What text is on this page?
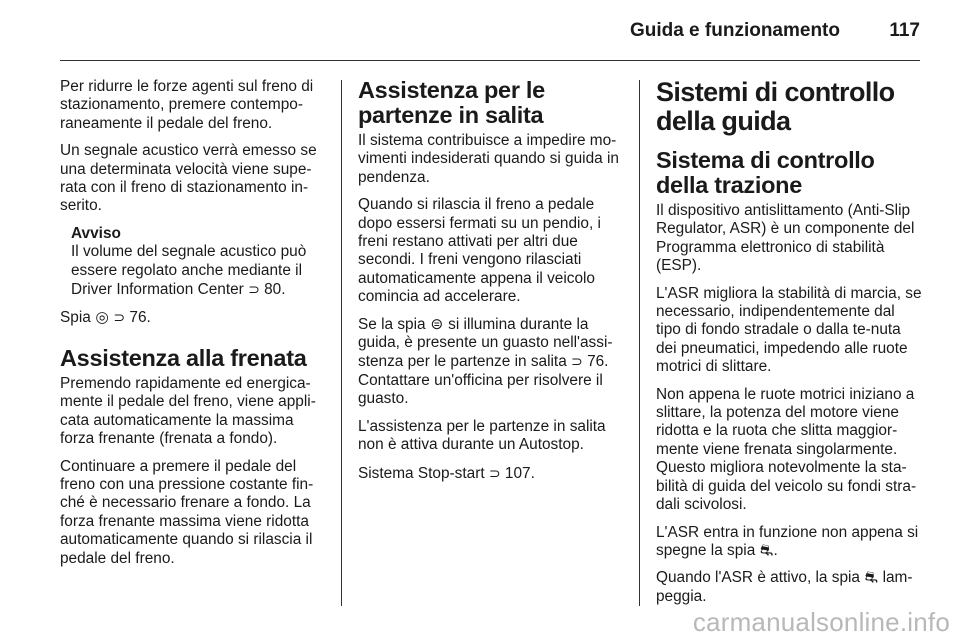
Guida e funzionamento	117

Per ridurre le forze agenti sul freno di stazionamento, premere contempo-raneamente il pedale del freno.

Un segnale acustico verrà emesso se una determinata velocità viene supe-rata con il freno di stazionamento in-serito.

Avviso
Il volume del segnale acustico può essere regolato anche mediante il Driver Information Center ⊃ 80.

Spia ◎ ⊃ 76.

Assistenza alla frenata

Premendo rapidamente ed energica-mente il pedale del freno, viene appli-cata automaticamente la massima forza frenante (frenata a fondo).

Continuare a premere il pedale del freno con una pressione costante fin-ché è necessario frenare a fondo. La forza frenante massima viene ridotta automaticamente quando si rilascia il pedale del freno.

Assistenza per le partenze in salita

Il sistema contribuisce a impedire mo-vimenti indesiderati quando si guida in pendenza.

Quando si rilascia il freno a pedale dopo essersi fermati su un pendio, i freni restano attivati per altri due secondi. I freni vengono rilasciati automaticamente appena il veicolo comincia ad accelerare.

Se la spia ⊜ si illumina durante la guida, è presente un guasto nell'assi-stenza per le partenze in salita ⊃ 76. Contattare un'officina per risolvere il guasto.

L'assistenza per le partenze in salita non è attiva durante un Autostop.

Sistema Stop-start ⊃ 107.

Sistemi di controllo della guida
Sistema di controllo della trazione

Il dispositivo antislittamento (Anti-Slip Regulator, ASR) è un componente del Programma elettronico di stabilità (ESP).

L'ASR migliora la stabilità di marcia, se necessario, indipendentemente dal tipo di fondo stradale o dalla te-nuta dei pneumatici, impedendo alle ruote motrici di slittare.

Non appena le ruote motrici iniziano a slittare, la potenza del motore viene ridotta e la ruota che slitta maggior-mente viene frenata singolarmente. Questo migliora notevolmente la sta-bilità di guida del veicolo su fondi stra-dali scivolosi.

L'ASR entra in funzione non appena si spegne la spia ⛐.

Quando l'ASR è attivo, la spia ⛐ lam-peggia.

carmanualsonline.info
